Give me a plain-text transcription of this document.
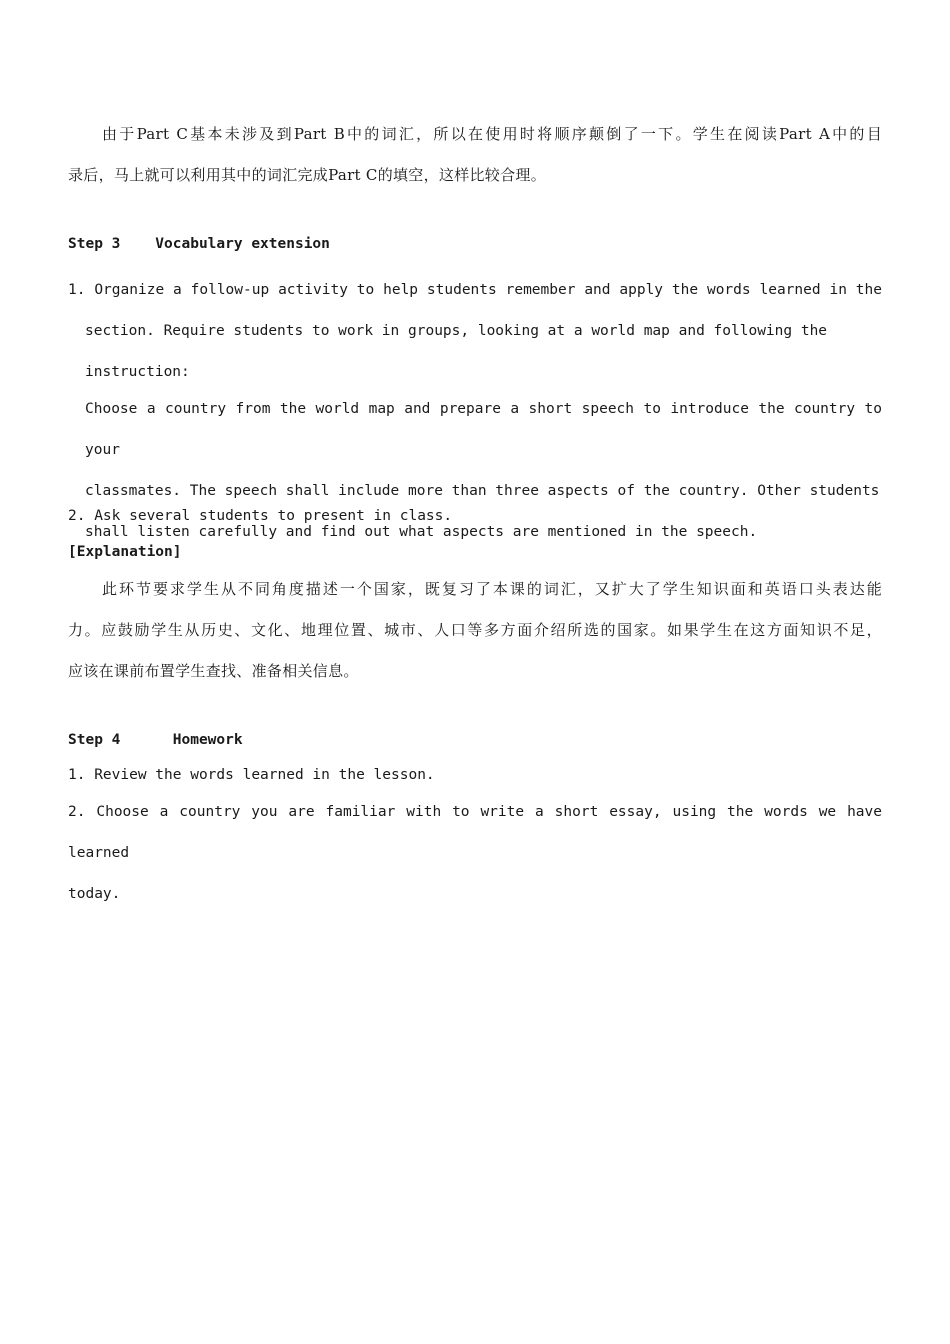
由于Part C基本未涉及到Part B中的词汇，所以在使用时将顺序颠倒了一下。学生在阅读Part A中的目

录后，马上就可以利用其中的词汇完成Part C的填空，这样比较合理。

Step 3    Vocabulary extension

1. Organize a follow-up activity to help students remember and apply the words learned in the

section. Require students to work in groups, looking at a world map and following the

instruction:

Choose a country from the world map and prepare a short speech to introduce the country to your

classmates. The speech shall include more than three aspects of the country. Other students

shall listen carefully and find out what aspects are mentioned in the speech.

2. Ask several students to present in class.

[Explanation]

此环节要求学生从不同角度描述一个国家，既复习了本课的词汇，又扩大了学生知识面和英语口头表达能

力。应鼓励学生从历史、文化、地理位置、城市、人口等多方面介绍所选的国家。如果学生在这方面知识不足，

应该在课前布置学生查找、准备相关信息。

Step 4      Homework

1. Review the words learned in the lesson.

2. Choose a country you are familiar with to write a short essay, using the words we have learned

today.
